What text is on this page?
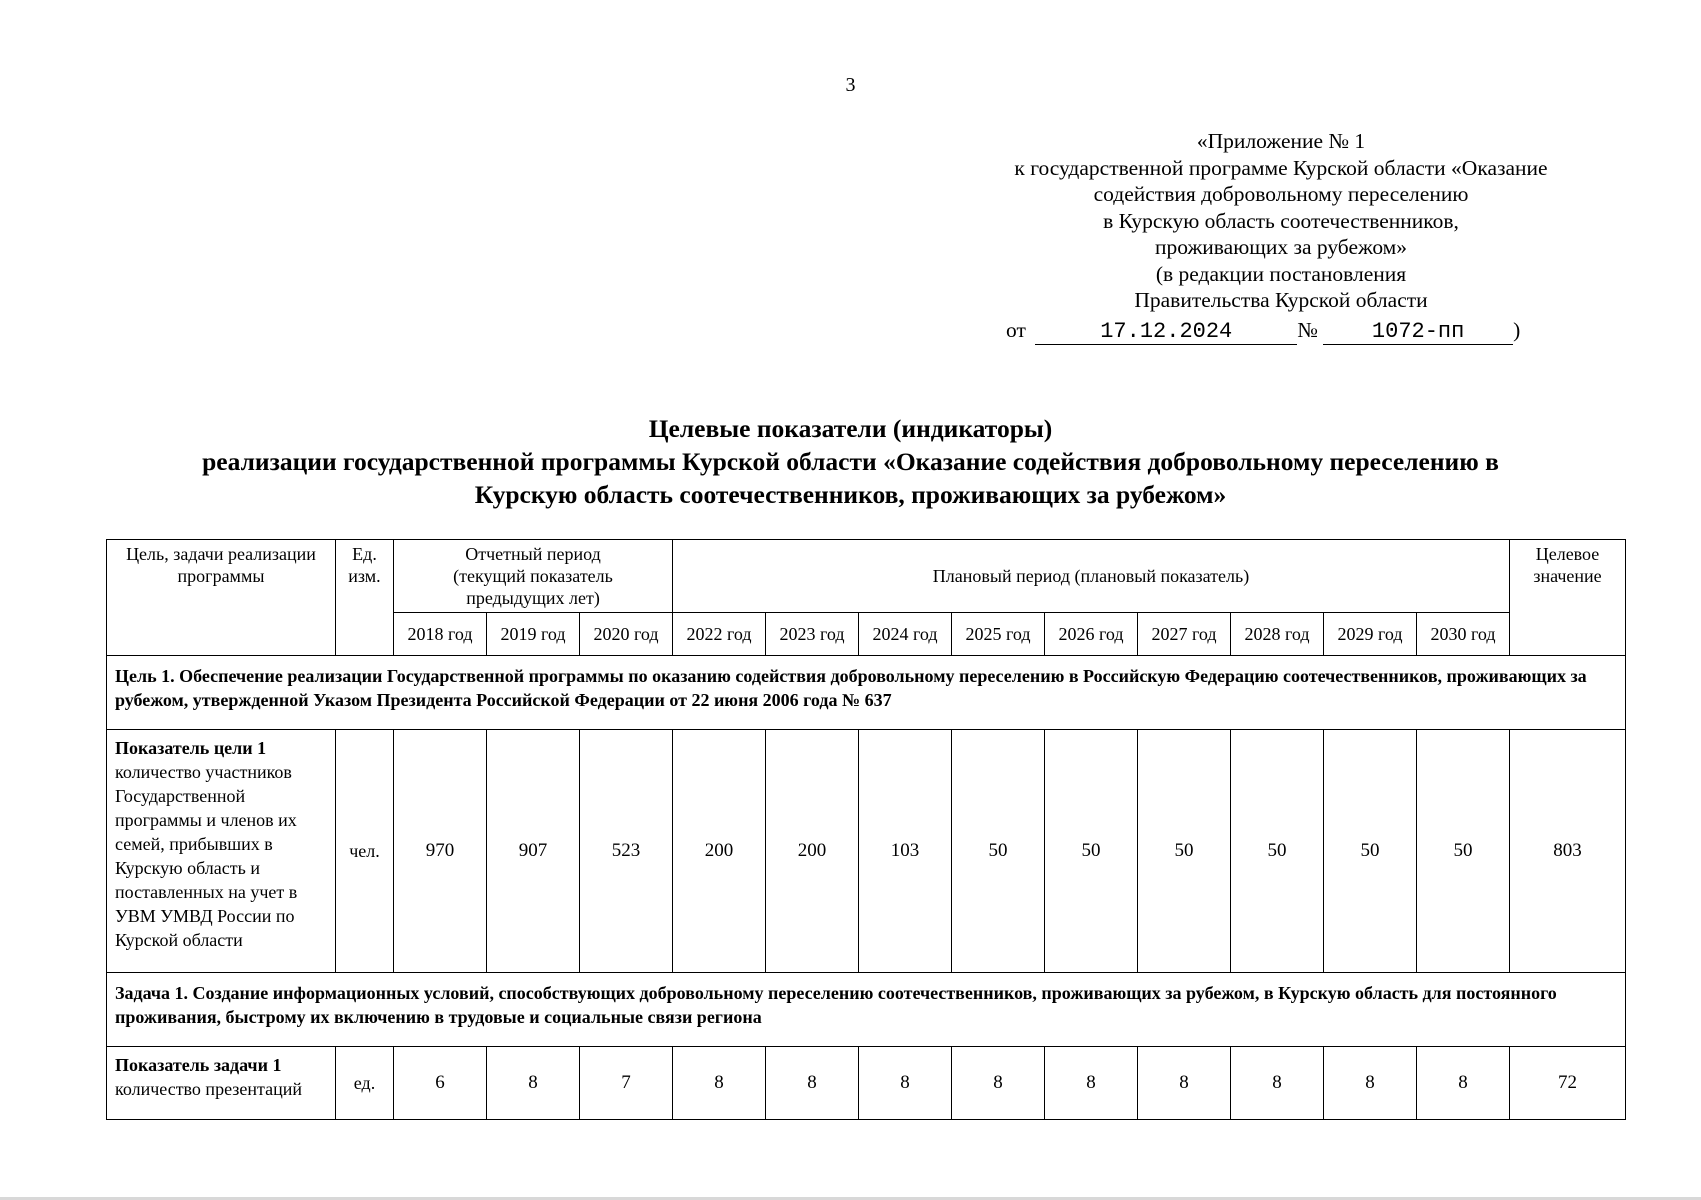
3
«Приложение № 1
к государственной программе Курской области «Оказание
содействия добровольному переселению
в Курскую область соотечественников,
проживающих за рубежом»
(в редакции постановления
Правительства Курской области
от	17.12.2024	№ 1072-пп )
Целевые показатели (индикаторы)
реализации государственной программы Курской области «Оказание содействия добровольному переселению в
Курскую область соотечественников, проживающих за рубежом»
Цель, задачи реализации программы	Ед. изм.	Отчетный период (текущий показатель предыдущих лет)			Плановый период (плановый показатель)									Целевое значение
		2018 год	2019 год	2020 год	2022 год	2023 год	2024 год	2025 год	2026 год	2027 год	2028 год	2029 год	2030 год	
Цель 1. Обеспечение реализации Государственной программы по оказанию содействия добровольному переселению в Российскую Федерацию соотечественников, проживающих за рубежом, утвержденной Указом Президента Российской Федерации от 22 июня 2006 года № 637														
Показатель цели 1
количество участников Государственной программы и членов их семей, прибывших в Курскую область и поставленных на учет в УВМ УМВД России по Курской области	чел.	970	907	523	200	200	103	50	50	50	50	50	50	803
Задача 1. Создание информационных условий, способствующих добровольному переселению соотечественников, проживающих за рубежом, в Курскую область для постоянного проживания, быстрому их включению в трудовые и социальные связи региона														
Показатель задачи 1
количество презентаций	ед.	6	8	7	8	8	8	8	8	8	8	8	8	72
